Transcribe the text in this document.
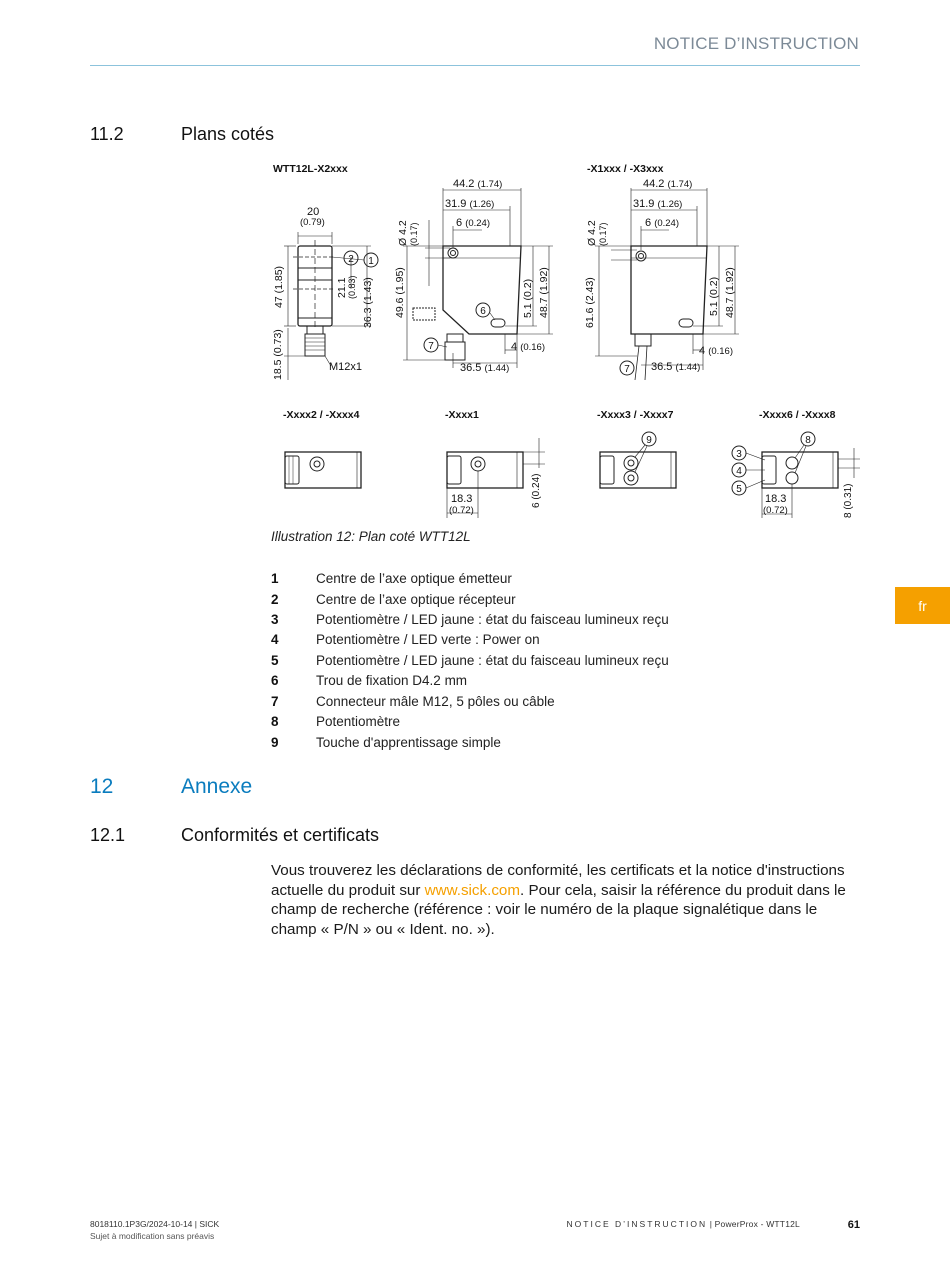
NOTICE D’INSTRUCTION
11.2	Plans cotés
WTT12L-X2xxx	-X1xxx / -X3xxx
-Xxxx2 / -Xxxx4	-Xxxx1	-Xxxx3 / -Xxxx7	-Xxxx6 / -Xxxx8
20
(0.79)
47 (1.85)	21.1 (0.83) 36.3 (1.43)
18.5 (0.73)	M12x1
44.2 (1.74)
31.9 (1.26)
6 (0.24)
Ø 4.2 (0.17)
49.6 (1.95)	5.1 (0.2) 48.7 (1.92)
4 (0.16)
36.5 (1.44)
44.2 (1.74)
31.9 (1.26)
6 (0.24)
Ø 4.2 (0.17)
61.6 (2.43)	5.1 (0.2) 48.7 (1.92)
4 (0.16)
36.5 (1.44)
18.3
(0.72)
6 (0.24)	18.3
(0.72)	8 (0.31)
1
2
3
4
5
6
7
7
8
9
Illustration 12: Plan coté WTT12L
1	Centre de l’axe optique émetteur
2	Centre de l’axe optique récepteur
3	Potentiomètre / LED jaune : état du faisceau lumineux reçu
4	Potentiomètre / LED verte : Power on
5	Potentiomètre / LED jaune : état du faisceau lumineux reçu
6	Trou de fixation D4.2 mm
7	Connecteur mâle M12, 5 pôles ou câble
8	Potentiomètre
9	Touche d'apprentissage simple
12	Annexe
12.1	Conformités et certificats
Vous trouverez les déclarations de conformité, les certificats et la notice d'instructions actuelle du produit sur www.sick.com. Pour cela, saisir la référence du produit dans le champ de recherche (référence : voir le numéro de la plaque signalétique dans le champ « P/N » ou « Ident. no. »).
fr
8018110.1P3G/2024-10-14 | SICK
Sujet à modification sans préavis
NOTICE D’INSTRUCTION | PowerProx - WTT12L	61
